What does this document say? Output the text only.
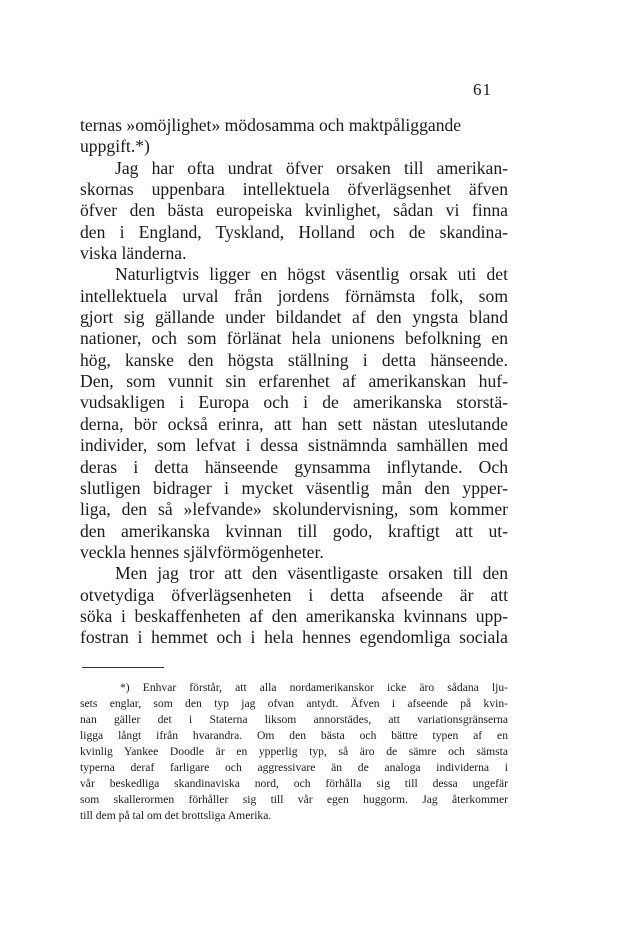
61
ternas »omöjlighet» mödosamma och maktpåliggande
uppgift.*)
Jag har ofta undrat öfver orsaken till amerikan-
skornas uppenbara intellektuela öfverlägsenhet äfven
öfver den bästa europeiska kvinlighet, sådan vi finna
den i England, Tyskland, Holland och de skandina-
viska länderna.
Naturligtvis ligger en högst väsentlig orsak uti det
intellektuela urval från jordens förnämsta folk, som
gjort sig gällande under bildandet af den yngsta bland
nationer, och som förlänat hela unionens befolkning en
hög, kanske den högsta ställning i detta hänseende.
Den, som vunnit sin erfarenhet af amerikanskan huf-
vudsakligen i Europa och i de amerikanska storstä-
derna, bör också erinra, att han sett nästan uteslutande
individer, som lefvat i dessa sistnämnda samhällen med
deras i detta hänseende gynsamma inflytande. Och
slutligen bidrager i mycket väsentlig mån den ypper-
liga, den så »lefvande» skolundervisning, som kommer
den amerikanska kvinnan till godo, kraftigt att ut-
veckla hennes självförmögenheter.
Men jag tror att den väsentligaste orsaken till den
otvetydiga öfverlägsenheten i detta afseende är att
söka i beskaffenheten af den amerikanska kvinnans upp-
fostran i hemmet och i hela hennes egendomliga sociala
*) Enhvar förstår, att alla nordamerikanskor icke äro sådana lju-
sets englar, som den typ jag ofvan antydt. Äfven i afseende på kvin-
nan gäller det i Staterna liksom annorstädes, att variationsgränserna
ligga långt ifrån hvarandra. Om den bästa och bättre typen af en
kvinlig Yankee Doodle är en ypperlig typ, så äro de sämre och sämsta
typerna deraf farligare och aggressivare än de analoga individerna i
vår beskedliga skandinaviska nord, och förhålla sig till dessa ungefär
som skallerormen förhåller sig till vår egen huggorm. Jag återkommer
till dem på tal om det brottsliga Amerika.
